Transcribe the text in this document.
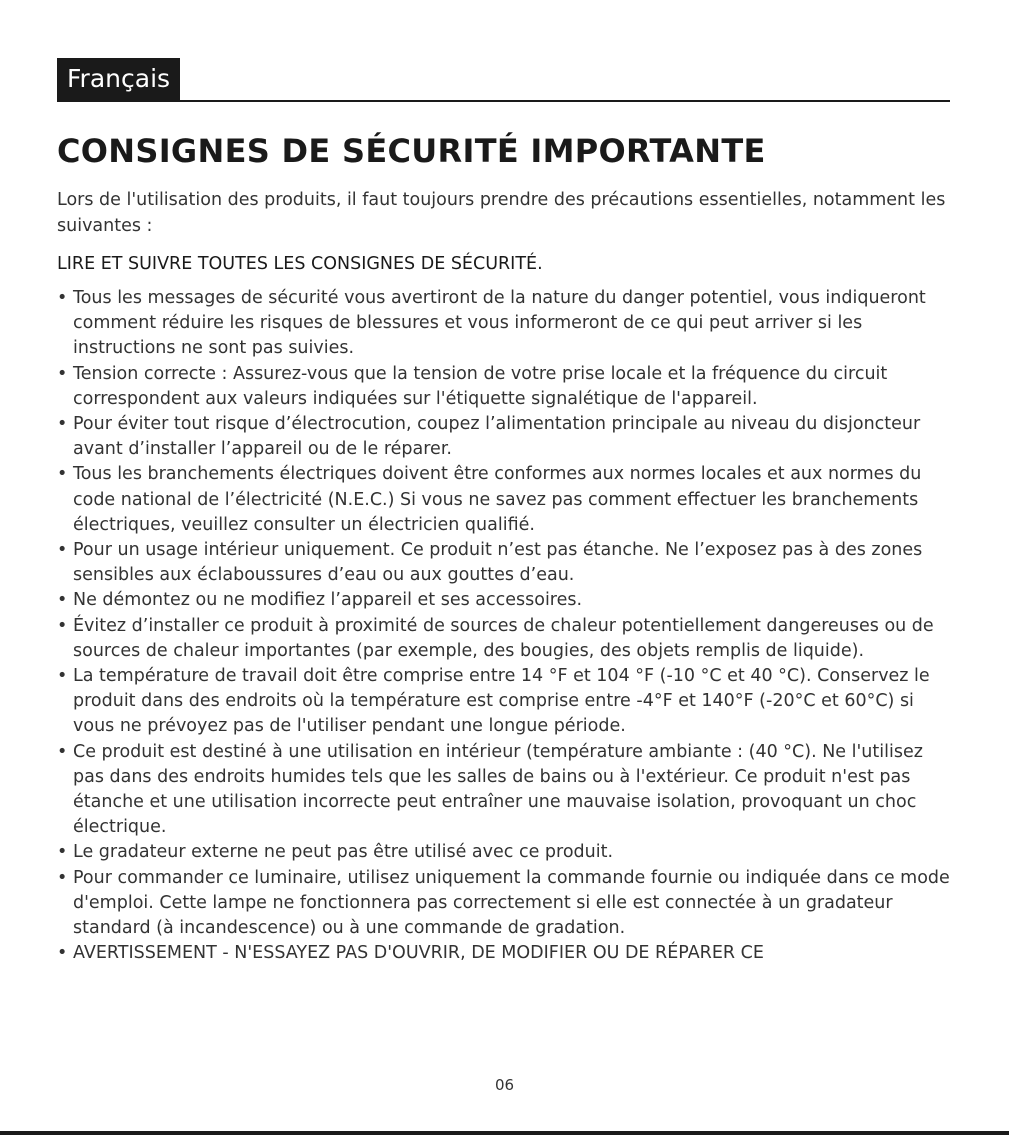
Français
CONSIGNES DE SÉCURITÉ IMPORTANTE

Lors de l'utilisation des produits, il faut toujours prendre des précautions essentielles, notamment les suivantes :

LIRE ET SUIVRE TOUTES LES CONSIGNES DE SÉCURITÉ.
• Tous les messages de sécurité vous avertiront de la nature du danger potentiel, vous indiqueront comment réduire les risques de blessures et vous informeront de ce qui peut arriver si les instructions ne sont pas suivies.
• Tension correcte : Assurez-vous que la tension de votre prise locale et la fréquence du circuit correspondent aux valeurs indiquées sur l'étiquette signalétique de l'appareil.
• Pour éviter tout risque d’électrocution, coupez l’alimentation principale au niveau du disjoncteur avant d’installer l’appareil ou de le réparer.
• Tous les branchements électriques doivent être conformes aux normes locales et aux normes du code national de l’électricité (N.E.C.) Si vous ne savez pas comment effectuer les branchements électriques, veuillez consulter un électricien qualifié.
• Pour un usage intérieur uniquement. Ce produit n’est pas étanche. Ne l’exposez pas à des zones sensibles aux éclaboussures d’eau ou aux gouttes d’eau.
• Ne démontez ou ne modifiez l’appareil et ses accessoires.
• Évitez d’installer ce produit à proximité de sources de chaleur potentiellement dangereuses ou de sources de chaleur importantes (par exemple, des bougies, des objets remplis de liquide).
• La température de travail doit être comprise entre 14 °F et 104 °F (-10 °C et 40 °C). Conservez le produit dans des endroits où la température est comprise entre -4°F et 140°F (-20°C et 60°C) si vous ne prévoyez pas de l'utiliser pendant une longue période.
• Ce produit est destiné à une utilisation en intérieur (température ambiante : (40 °C). Ne l'utilisez pas dans des endroits humides tels que les salles de bains ou à l'extérieur. Ce produit n'est pas étanche et une utilisation incorrecte peut entraîner une mauvaise isolation, provoquant un choc électrique.
• Le gradateur externe ne peut pas être utilisé avec ce produit.
• Pour commander ce luminaire, utilisez uniquement la commande fournie ou indiquée dans ce mode d'emploi. Cette lampe ne fonctionnera pas correctement si elle est connectée à un gradateur standard (à incandescence) ou à une commande de gradation.
• AVERTISSEMENT - N'ESSAYEZ PAS D'OUVRIR, DE MODIFIER OU DE RÉPARER CE
06
